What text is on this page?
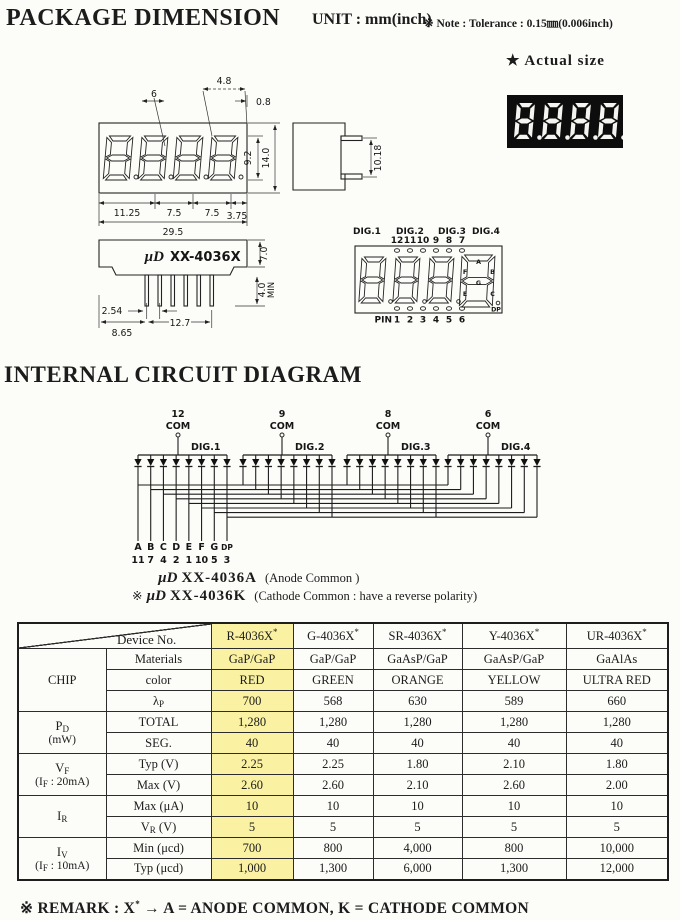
PACKAGE DIMENSION UNIT : mm(inch)
※ Note : Tolerance : 0.15㎜(0.006inch)
★ Actual size
6
4.8
0.8
9.2 14.0
11.25	7.5 7.5 3.75
29.5
µD XX-4036X 7.0
4.0 MIN
2.54
8.65
12.7
10.18
DIG.1 DIG.2 DIG.3 DIG.4
12 11 10 9 8 7
PIN 1 2 3 4 5 6
A
F	B
G
E	C
DP
INTERNAL CIRCUIT DIAGRAM
12
COM
DIG.1
9
COM
DIG.2
8
COM
DIG.3
6
COM
DIG.4
A B C D E F G DP
11 7 4 2 1 10 5 3
µD XX-4036A (Anode Common )
※ µD XX-4036K (Cathode Common : have a reverse polarity)
Device No.		R-4036X*	G-4036X*	SR-4036X*	Y-4036X*	UR-4036X*

CHIP	Materials	GaP/GaP	GaP/GaP	GaAsP/GaP	GaAsP/GaP	GaAlAs
	color	RED	GREEN	ORANGE	YELLOW	ULTRA RED
	λP	700	568	630	589	660

PD
(mW)	TOTAL	1,280	1,280	1,280	1,280	1,280
	SEG.	40	40	40	40	40

VF
(IF : 20mA)	Typ (V)	2.25	2.25	1.80	2.10	1.80
	Max (V)	2.60	2.60	2.10	2.60	2.00

IR	Max (μA)	10	10	10	10	10
	VR (V)	5	5	5	5	5

IV
(IF : 10mA)	Min (μcd)	700	800	4,000	800	10,000
	Typ (μcd)	1,000	1,300	6,000	1,300	12,000
※ REMARK : X* → A = ANODE COMMON, K = CATHODE COMMON
